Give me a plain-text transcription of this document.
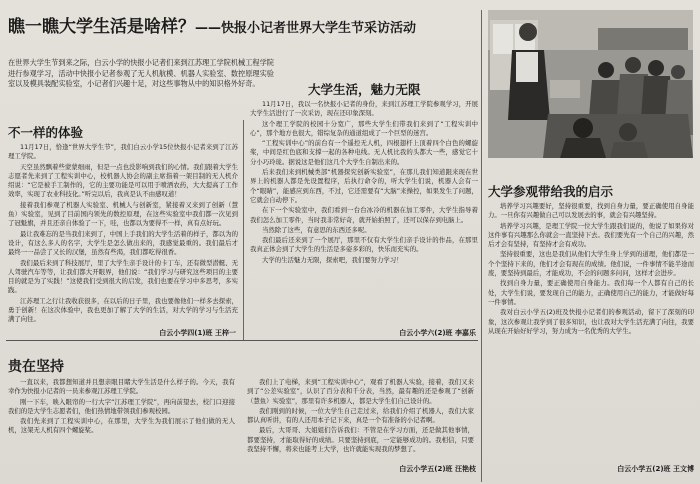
瞧一瞧大学生活是啥样？——快报小记者世界大学生节采访活动
在世界大学生节到来之际，白云小学的快报小记者们来到江苏理工学院机械工程学院进行参观学习，活动中快报小记者参观了无人机航模、机器人实验室、数控原理实验室以及模具装配实验室，小记者们兴趣十足，对这些事物从中的知识格外好奇。
不一样的体验

11月17日，恰逢“世界大学生节”，我们白云小学15位快报小记者来到了江苏理工学院。

天空虽然飘着些蒙蒙细雨，但是一点也没影响到我们的心情。我们跟着大学生志愿者先来到了工程实训中心，校机器人协会的副主席指着一架目制的无人机介绍说：“它是被手工制作的，它的主要功能是可以用于喷洒农药，大大提高了工作效率，实现了农业科技化。”听完以后，我真是认不由感叹道！

接着我们参观了机器人实验室、机械人与创新室，紧接着又来到了创新（慧鱼）实验室，见到了目前国内领先的数控原理，在这些实验室中我们都一次见到了冠魁旗，并且还亲自体验了一下，哇，也都以为要得不一样，真有点好玩。

最让我难忘的是当我们来到了，中国上手我们的大学生活着的样子，都以为的设计，有这么多人的名字，大学生是怎么做出来的，我感觉最重的。我们最后才最终一一品尝了又长的汉堡，虽然有些渴，我们都吃得很香。

我们最后来到了科技展厅，里了大学生亲手设计的卡丁车，还有微型潜艇、无人驾驶汽车等等，让我们都大开眼界，他们说：“我们学习与研究这些项目的主要目的就是为了实践！”这使我们受到很大的启发，我们也要在学习中多思考，多实践。

江苏理工之行让我收获很多，在以后的日子里，我也要像他们一样多去探索，勇于创新！在这次体验中，我也更加了解了大学的生活，对大学的学习与生活充满了向往。

白云小学四(1)班 王梓一
大学生活，魅力无限

11月17日，我以一名快报小记者的身份，来到江苏理工学院参观学习，开展大学生活进行了一次采访，现在还印象深刻。

这个理工学院的校园十分宽广，那些大学生们带我们来到了“工程实训中心”，那个地方也很大，错综复杂的通道组成了一个巨型的迷宫。

“工程实训中心”的前台有一个遥控无人机，四根翅杆上顶着四个白色的螺旋桨，中间是红色底和支撑一起的各种电线。无人机比我的头都大一些，感觉它十分小巧玲珑。据说这是他们这几个大学生自制出来的。

后来我们来到机械类部“机器探究创新实验室”，在那儿我们知道跟来现在世界上的机器人都是先设置程序，后执行命令的，听大学生们说，机器人会有一个“眼睛”，能感应到东西，不过，它还需要有“大脑”来操控，如果发生了问题，它就会自动停下。

在下一个实验室中，我们看到一台台冰冷的机器在加工零件，大学生指导着我们怎么加工零件，当时我非常好奇，就开始拍照了，还可以保存到电脑上。

当然除了这些，有意思的东西还多呢。

我们最后还来到了一个展厅，那里不仅有大学生们亲手设计的作品，在那里我真正体会到了大学生的生活是多姿多彩的，快乐而充实的。

大学的生活魅力无限，探索吧，我们要努力学习！

白云小学六(2)班 李嘉乐
贵在坚持

一直以来，我都想知道并且想亲眼目睹大学生活是什么样子的。今天，我有幸作为快报小记者的一员来参观江苏理工学院。

刚一下车，映入眼帘的一行大字“江苏理工学院”，再向前望去，校门口迎接我们的是大学生志愿者们，他们热情地带领我们参观校园。

我们先来到了工程实训中心，在那里，大学生为我们展示了他们做的无人机，这架无人机有四个螺旋桨。

我们上了电梯，来到“工程实训中心”，观看了机器人实验，接着，我们又来到了“公差实验室”，认识了百分表和千分表，当然，最有趣的还是参观了“创新（慧鱼）实验室”，那里有许多机器人，都是大学生们自己设计的。

我们刚到的时候，一位大学生自己走过来，给我们介绍了机器人，我们大家都认真听讲，有的人还用本子记下来，真是一个有准备的小记者啊。

最后，大哥哥、大姐姐们告诉我们：不管是在学习方面，还是做其他事情，都要坚持，才能取得好的成绩。只要坚持到底，一定能够成功的。我相信，只要我坚持不懈，将来也能考上大学，也许就能实现我的梦想了。

白云小学五(2)班 汪艳枝
大学参观带给我的启示

培养学习兴趣要好，坚持很重要，找到自身力量，要正确使用自身能力。一旦你有兴趣做自己可以发展去的事，就会有兴趣坚持。

培养学习兴趣，是理工学院一位大学生跟我们说的，他说了如果你对这件事有兴趣那么你就会一直坚持下去。我们要先有一个自己的兴趣，然后才会有坚持，有坚持才会有成功。

坚持很重要，这也是我们从他们大学生身上学到的道理，他们都是一个个坚持下来的，他们才会有现在的成绩。他们说，一件事情不能半途而废，要坚持到最后，才能成功，不会的问题多问问，这样才会进步。

找到自身力量，要正确使用自身能力。我们每一个人都有自己的长处，大学生们说，要发现自己的能力，正确使用自己的能力，才能做好每一件事情。

我对白云小学五(2)班及快报小记者们的参观活动，留下了深刻的印象，这次参观让我学到了很多知识，也让我对大学生活充满了向往，我要从现在开始好好学习，努力成为一名优秀的大学生。

白云小学五(2)班 王文博
